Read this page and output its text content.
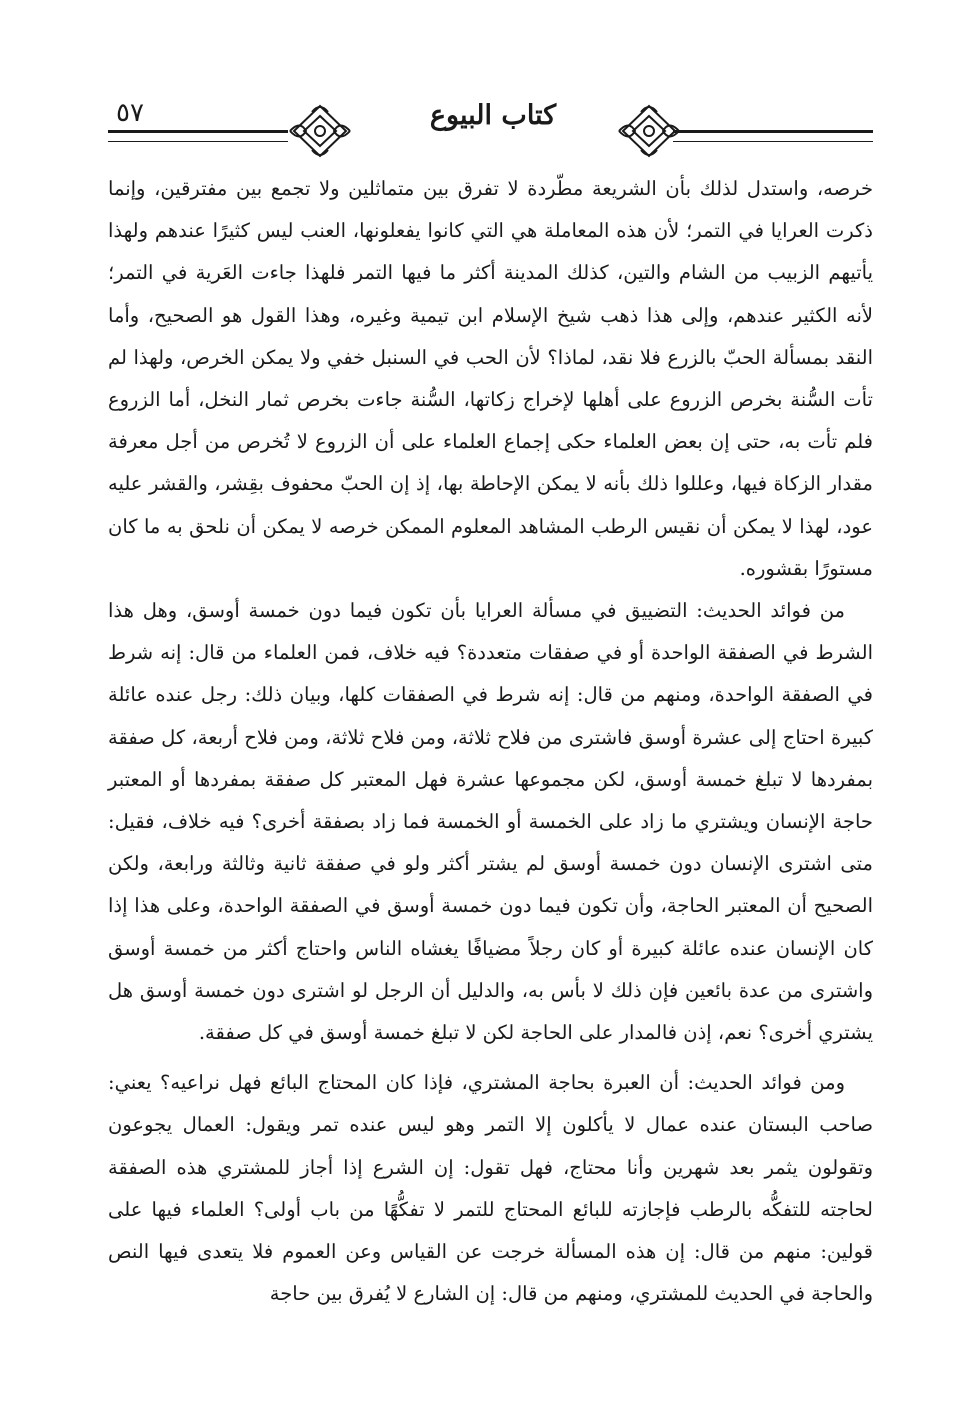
٥٧	كتاب البيوع

خرصه، واستدل لذلك بأن الشريعة مطّردة لا تفرق بين متماثلين ولا تجمع بين مفترقين، وإنما ذكرت العرايا في التمر؛ لأن هذه المعاملة هي التي كانوا يفعلونها، العنب ليس كثيرًا عندهم ولهذا يأتيهم الزبيب من الشام والتين، كذلك المدينة أكثر ما فيها التمر فلهذا جاءت العَرية في التمر؛ لأنه الكثير عندهم، وإلى هذا ذهب شيخ الإسلام ابن تيمية وغيره، وهذا القول هو الصحيح، وأما النقد بمسألة الحبّ بالزرع فلا نقد، لماذا؟ لأن الحب في السنبل خفي ولا يمكن الخرص، ولهذا لم تأت السُّنة بخرص الزروع على أهلها لإخراج زكاتها، السُّنة جاءت بخرص ثمار النخل، أما الزروع فلم تأت به، حتى إن بعض العلماء حكى إجماع العلماء على أن الزروع لا تُخرص من أجل معرفة مقدار الزكاة فيها، وعللوا ذلك بأنه لا يمكن الإحاطة بها، إذ إن الحبّ محفوف بقِشر، والقشر عليه عود، لهذا لا يمكن أن نقيس الرطب المشاهد المعلوم الممكن خرصه لا يمكن أن نلحق به ما كان مستورًا بقشوره.

من فوائد الحديث: التضييق في مسألة العرايا بأن تكون فيما دون خمسة أوسق، وهل هذا الشرط في الصفقة الواحدة أو في صفقات متعددة؟ فيه خلاف، فمن العلماء من قال: إنه شرط في الصفقة الواحدة، ومنهم من قال: إنه شرط في الصفقات كلها، وبيان ذلك: رجل عنده عائلة كبيرة احتاج إلى عشرة أوسق فاشترى من فلاح ثلاثة، ومن فلاح ثلاثة، ومن فلاح أربعة، كل صفقة بمفردها لا تبلغ خمسة أوسق، لكن مجموعها عشرة فهل المعتبر كل صفقة بمفردها أو المعتبر حاجة الإنسان ويشتري ما زاد على الخمسة أو الخمسة فما زاد بصفقة أخرى؟ فيه خلاف، فقيل: متى اشترى الإنسان دون خمسة أوسق لم يشتر أكثر ولو في صفقة ثانية وثالثة ورابعة، ولكن الصحيح أن المعتبر الحاجة، وأن تكون فيما دون خمسة أوسق في الصفقة الواحدة، وعلى هذا إذا كان الإنسان عنده عائلة كبيرة أو كان رجلاً مضيافًا يغشاه الناس واحتاج أكثر من خمسة أوسق واشترى من عدة بائعين فإن ذلك لا بأس به، والدليل أن الرجل لو اشترى دون خمسة أوسق هل يشتري أخرى؟ نعم، إذن فالمدار على الحاجة لكن لا تبلغ خمسة أوسق في كل صفقة.

ومن فوائد الحديث: أن العبرة بحاجة المشتري، فإذا كان المحتاج البائع فهل نراعيه؟ يعني: صاحب البستان عنده عمال لا يأكلون إلا التمر وهو ليس عنده تمر ويقول: العمال يجوعون وتقولون يثمر بعد شهرين وأنا محتاج، فهل تقول: إن الشرع إذا أجاز للمشتري هذه الصفقة لحاجته للتفكُّه بالرطب فإجازته للبائع المحتاج للتمر لا تفكُّهًا من باب أولى؟ العلماء فيها على قولين: منهم من قال: إن هذه المسألة خرجت عن القياس وعن العموم فلا يتعدى فيها النص والحاجة في الحديث للمشتري، ومنهم من قال: إن الشارع لا يُفرق بين حاجة
